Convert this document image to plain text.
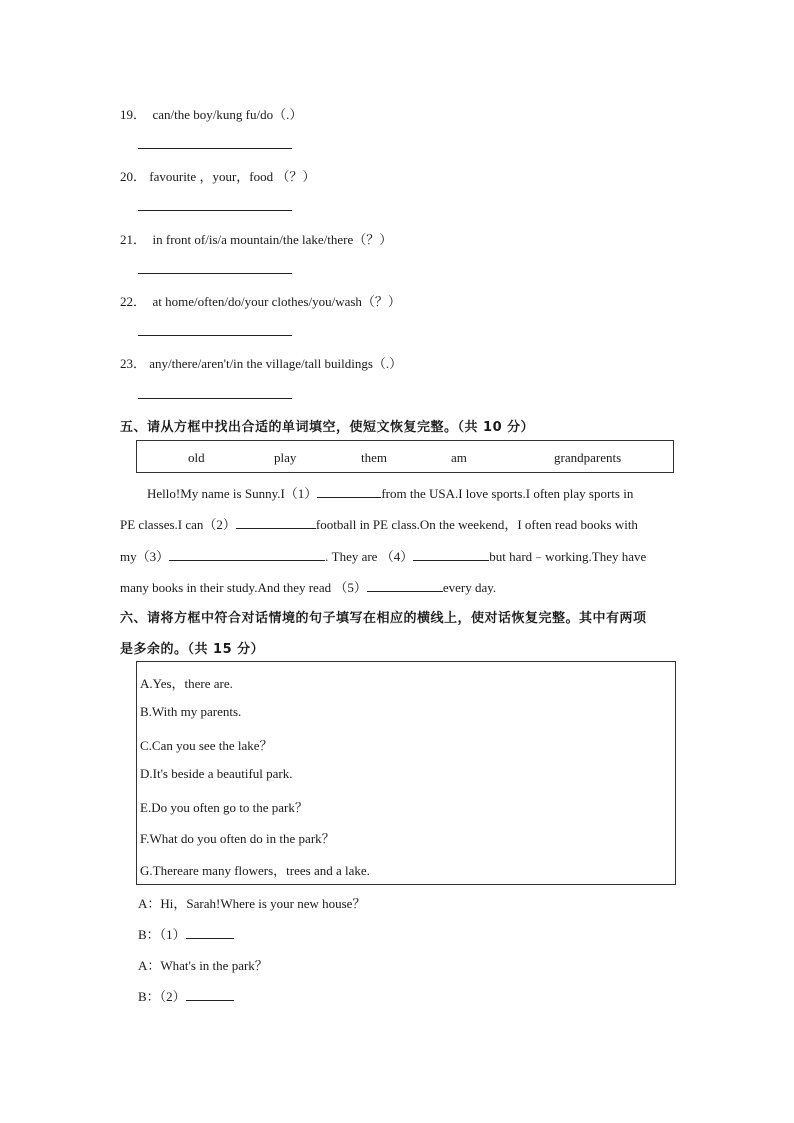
19． can/the boy/kung fu/do（.）
20． favourite ，your，food （？）
21． in front of/is/a mountain/the lake/there（？）
22． at home/often/do/your clothes/you/wash（？）
23． any/there/aren't/in the village/tall buildings（.）
五、请从方框中找出合适的单词填空，使短文恢复完整。（共 10 分）
old	play	them	am	grandparents
Hello!My name is Sunny.I（1）	from the USA.I love sports.I often play sports in
PE classes.I can（2）	football in PE class.On the weekend，I often read books with
my（3）	. They are （4）	but hard﹣working.They have
many books in their study.And they read （5）	every day.
六、请将方框中符合对话情境的句子填写在相应的横线上，使对话恢复完整。其中有两项
是多余的。（共 15 分）
A.Yes，there are.
B.With my parents.
C.Can you see the lake？
D.It's beside a beautiful park.
E.Do you often go to the park？
F.What do you often do in the park？
G.Thereare many flowers，trees and a lake.
A：Hi，Sarah!Where is your new house？
B：（1）
A：What's in the park？
B：（2）
